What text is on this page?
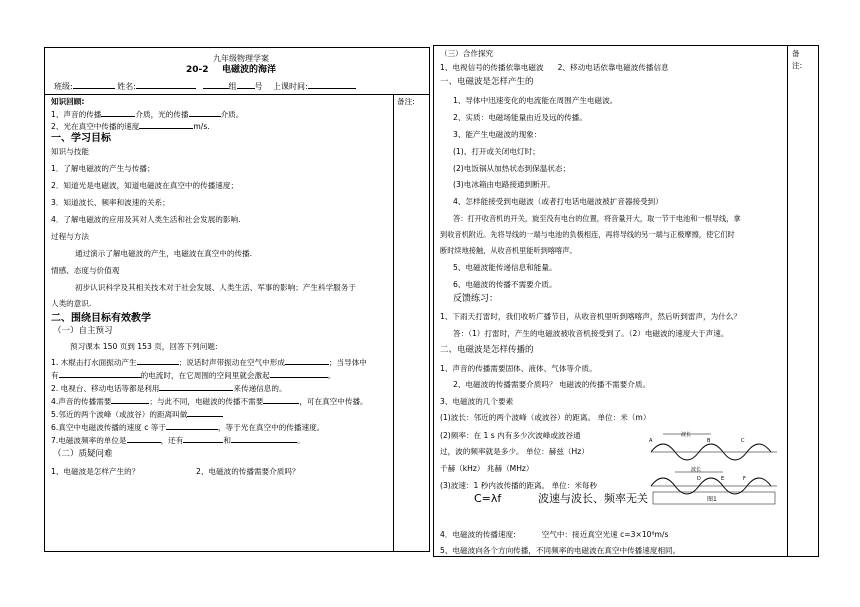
九年级物理学案
20-2 电磁波的海洋
班级:	姓名:	组 号 上课时间:
备注:
知识回顾:
1、声音的传播	介质，光的传播	介质。
2、光在真空中传播的速度	m/s.
一、学习目标
知识与技能
1．了解电磁波的产生与传播；
2．知道光是电磁波，知道电磁波在真空中的传播速度；
3．知道波长、频率和波速的关系；
4．了解电磁波的应用及其对人类生活和社会发展的影响.
过程与方法
通过演示了解电磁波的产生，电磁波在真空中的传播.
情感、态度与价值观
初步认识科学及其相关技术对于社会发展、人类生活、军事的影响；产生科学服务于
人类的意识.
二、围绕目标有效教学
（一）自主预习
预习课本 150 页到 153 页，回答下列问题:
1. 木棍击打水面振动产生	；说话时声带振动在空气中形成	；当导体中
有	的电流时，在它周围的空间里就会激起	。
2. 电视台、移动电话等都是利用	来传递信息的。
4.声音的传播需要	；与此不同，电磁波的传播不需要	，可在真空中传播。
5.邻近的两个波峰（或波谷）的距离叫做
6.真空中电磁波传播的速度 c 等于	，等于光在真空中的传播速度。
7.电磁波频率的单位是	，还有	和	。
（二）质疑问难
1、电磁波是怎样产生的？	2、电磁波的传播需要介质吗？
备
注:
（三）合作探究
1、电视信号的传播依靠电磁波 2、移动电话依靠电磁波传播信息
一、电磁波是怎样产生的
1、导体中迅速变化的电流能在周围产生电磁波。
2、实质：电磁场能量由近及远的传播。
3、能产生电磁波的现象：
(1)、打开或关闭电灯时；
(2)电饭锅从加热状态到保温状态；
(3)电冰箱由电路接通到断开。
4、怎样能接受到电磁波（或者打电话电磁波被扩音器接受到）
答：打开收音机的开关，旋至没有电台的位置，将音量开大，取一节干电池和一根导线，拿
到收音机附近。先将导线的一端与电池的负极相连，再将导线的另一端与正极摩擦，使它们时
断时续地接触，从收音机里能听到喀喀声。
5、电磁波能传递信息和能量。
6、电磁波的传播不需要介质。
反馈练习：
1、下雨天打雷时，我们收听广播节目，从收音机里听到喀喀声，然后听到雷声，为什么？
答：（1）打雷时，产生的电磁波被收音机接受到了。（2）电磁波的速度大于声速。
二、电磁波是怎样传播的
1、声音的传播需要固体、液体、气体等介质。
2、电磁波的传播需要介质吗？ 电磁波的传播不需要介质。
3、电磁波的几个要素
(1)波长：邻近的两个波峰（或波谷）的距离。 单位：米（m）
(2)频率：在 1 s 内有多少次波峰或波谷通
过，波的频率就是多少。 单位：赫兹（Hz）
千赫（kHz） 兆赫（MHz）
(3)波速：1 秒内波传播的距离。 单位：米每秒
C=λf	波速与波长、频率无关
波长
A	B	C
波长
D	E	F
图1
4．电磁波的传播速度:	空气中：接近真空光速 c=3×10⁸m/s
5、电磁波向各个方向传播，不同频率的电磁波在真空中传播速度相同。
